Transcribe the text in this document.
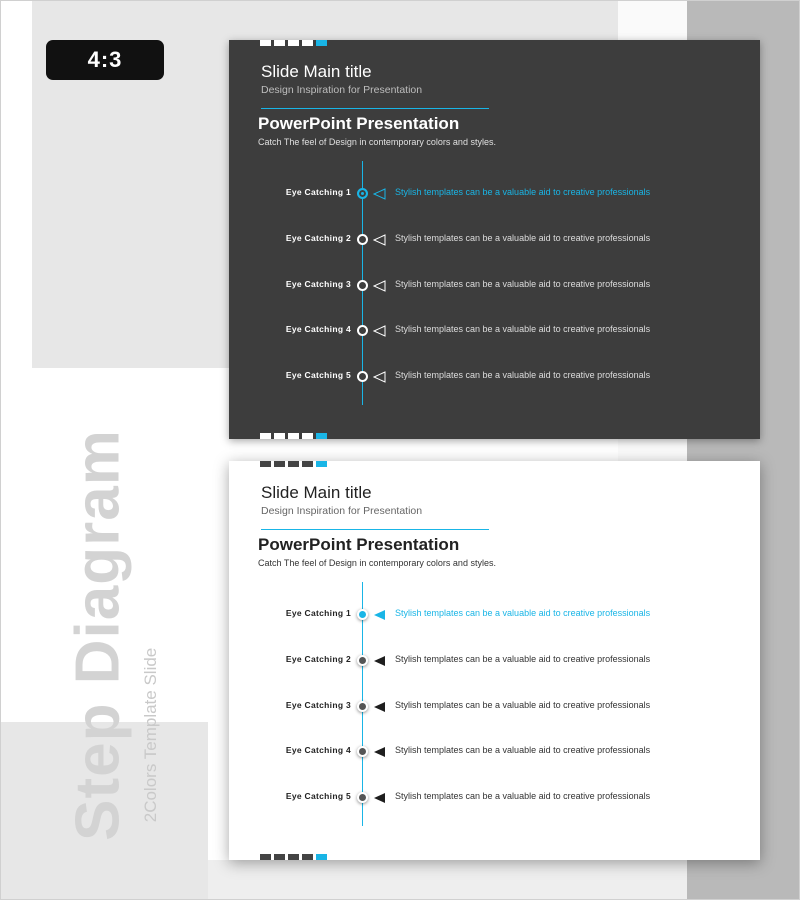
4:3
Step Diagram 2Colors Template Slide
Slide Main title
Design Inspiration for Presentation
PowerPoint Presentation
Catch The feel of Design in contemporary colors and styles.
Eye Catching 1	Stylish templates can be a valuable aid to creative professionals
Eye Catching 2	Stylish templates can be a valuable aid to creative professionals
Eye Catching 3	Stylish templates can be a valuable aid to creative professionals
Eye Catching 4	Stylish templates can be a valuable aid to creative professionals
Eye Catching 5	Stylish templates can be a valuable aid to creative professionals
Slide Main title
Design Inspiration for Presentation
PowerPoint Presentation
Catch The feel of Design in contemporary colors and styles.
Eye Catching 1	Stylish templates can be a valuable aid to creative professionals
Eye Catching 2	Stylish templates can be a valuable aid to creative professionals
Eye Catching 3	Stylish templates can be a valuable aid to creative professionals
Eye Catching 4	Stylish templates can be a valuable aid to creative professionals
Eye Catching 5	Stylish templates can be a valuable aid to creative professionals
